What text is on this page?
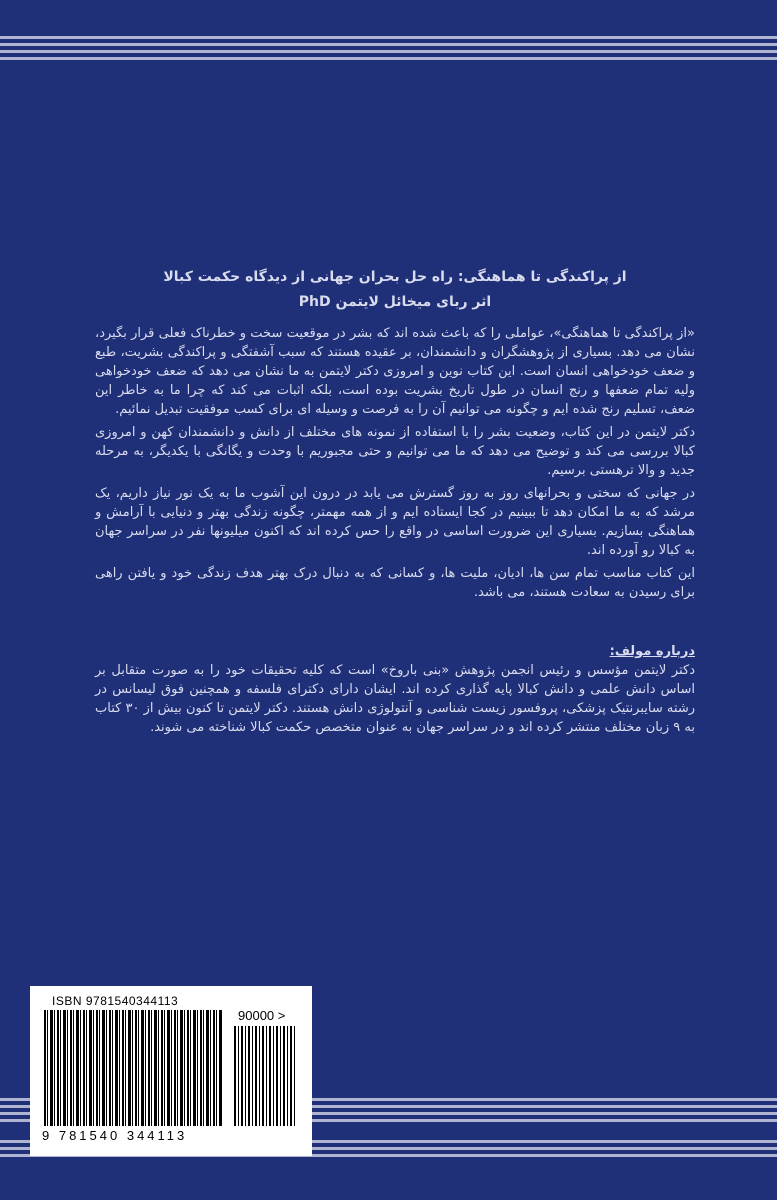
از پراکندگی تا هماهنگی: راه حل بحران جهانی از دیدگاه حکمت کبالا
اثر ربای میخائل لایتمن PhD

«از پراکندگی تا هماهنگی»، عواملی را که باعث شده اند که بشر در موقعیت سخت و خطرناک فعلی قرار بگیرد، نشان می دهد. بسیاری از پژوهشگران و دانشمندان، بر عقیده هستند که سبب آشفتگی و پراکندگی بشریت، طبع و ضعف خودخواهی انسان است. این کتاب نوین و امروزی دکتر لایتمن به ما نشان می دهد که ضعف خودخواهی ولیه تمام ضعفها و رنج انسان در طول تاریخ بشریت بوده است، بلکه اثبات می کند که چرا ما به خاطر این ضعف، تسلیم رنج شده ایم و چگونه می توانیم آن را به فرصت و وسیله ای برای کسب موفقیت تبدیل نمائیم.

دکتر لایتمن در این کتاب، وضعیت بشر را با استفاده از نمونه های مختلف از دانش و دانشمندان کهن و امروزی کبالا بررسی می کند و توضیح می دهد که ما می توانیم و حتی مجبوریم با وحدت و یگانگی با یکدیگر، به مرحله جدید و والا ترهستی برسیم.

در جهانی که سختی و بحرانهای روز به روز گسترش می یابد در درون این آشوب ما به یک نور نیاز داریم، یک مرشد که به ما امکان دهد تا ببینیم در کجا ایستاده ایم و از همه مهمتر، چگونه زندگی بهتر و دنیایی با آرامش و هماهنگی بسازیم. بسیاری این ضرورت اساسی در واقع را حس کرده اند که اکنون میلیونها نفر در سراسر جهان به کبالا رو آورده اند.

این کتاب مناسب تمام سن ها، ادیان، ملیت ها، و کسانی که به دنبال درک بهتر هدف زندگی خود و یافتن راهی برای رسیدن به سعادت هستند، می باشد.

درباره مولف:

دکتر لایتمن مؤسس و رئیس انجمن پژوهش «بنی باروخ» است که کلیه تحقیقات خود را به صورت متقابل بر اساس دانش علمی و دانش کبالا پایه گذاری کرده اند. ایشان دارای دکترای فلسفه و همچنین فوق لیسانس در رشته سایبرنتیک پزشکی، پروفسور زیست شناسی و آنتولوژی دانش هستند. دکتر لایتمن تا کنون بیش از ۳۰ کتاب به ۹ زبان مختلف منتشر کرده اند و در سراسر جهان به عنوان متخصص حکمت کبالا شناخته می شوند.

ISBN 9781540344113
90000 >
9 781540 344113
